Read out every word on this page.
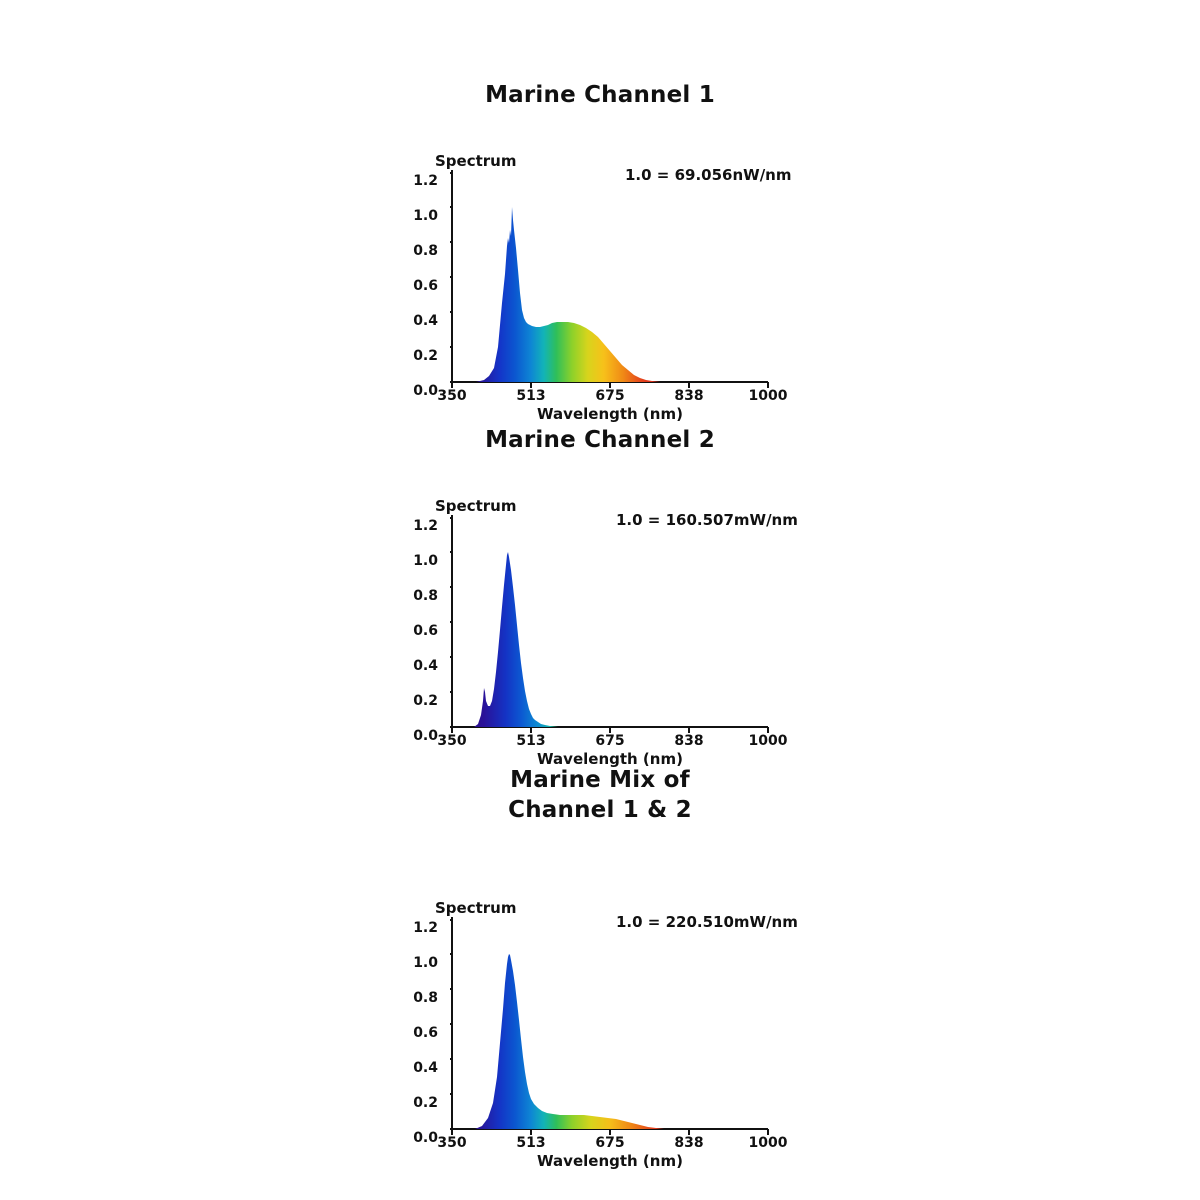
Marine Channel 1
Spectrum
1.0 = 69.056nW/nm
1.2
1.0
0.8
0.6
0.4
0.2
0.0 350	513	675	838	1000
Wavelength (nm)
Marine Channel 2
Spectrum
1.0 = 160.507mW/nm
1.2
1.0
0.8
0.6
0.4
0.2
0.0 350	513	675	838	1000
Wavelength (nm)
Marine Mix of
Channel 1 & 2
Spectrum
1.0 = 220.510mW/nm
1.2
1.0
0.8
0.6
0.4
0.2
0.0 350	513	675	838	1000
Wavelength (nm)
